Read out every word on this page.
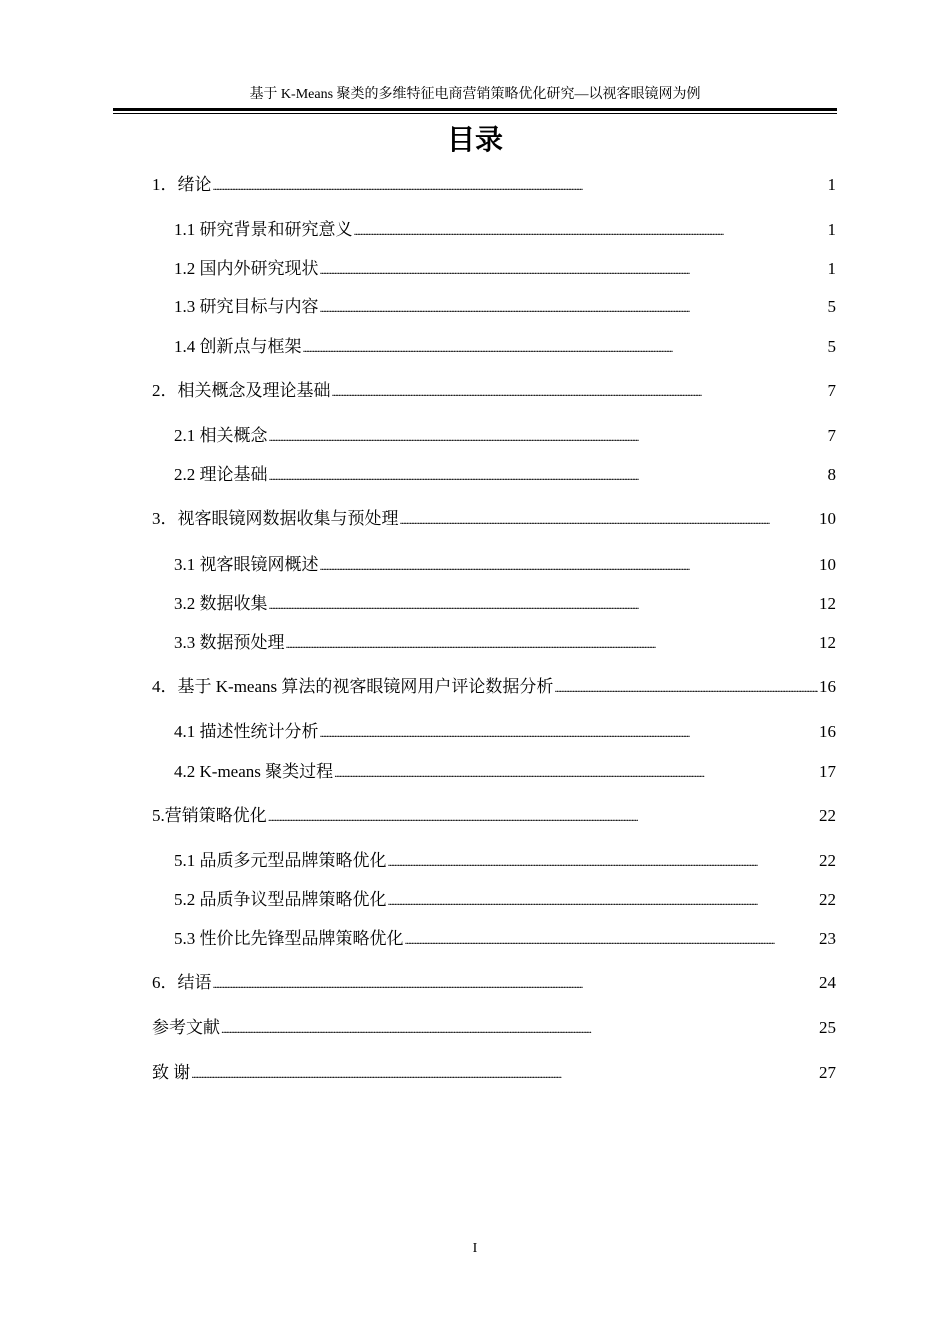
基于 K-Means 聚类的多维特征电商营销策略优化研究—以视客眼镜网为例
目录
1．绪论 . . .	1
1.1 研究背景和研究意义 . . .	1
1.2 国内外研究现状 . . .	1
1.3 研究目标与内容 . . .	5
1.4 创新点与框架 . . .	5
2．相关概念及理论基础 . . .	7
2.1 相关概念 . . .	7
2.2 理论基础 . . .	8
3．视客眼镜网数据收集与预处理 . . .	10
3.1 视客眼镜网概述 . . .	10
3.2 数据收集 . . .	12
3.3 数据预处理 . . .	12
4．基于 K-means 算法的视客眼镜网用户评论数据分析 . . .	16
4.1 描述性统计分析 . . .	16
4.2 K-means 聚类过程 . . .	17
5.营销策略优化 . . .	22
5.1 品质多元型品牌策略优化 . . .	22
5.2 品质争议型品牌策略优化 . . .	22
5.3 性价比先锋型品牌策略优化 . . .	23
6．结语 . . .	24
参考文献 . . .	25
致 谢 . . .	27
I
